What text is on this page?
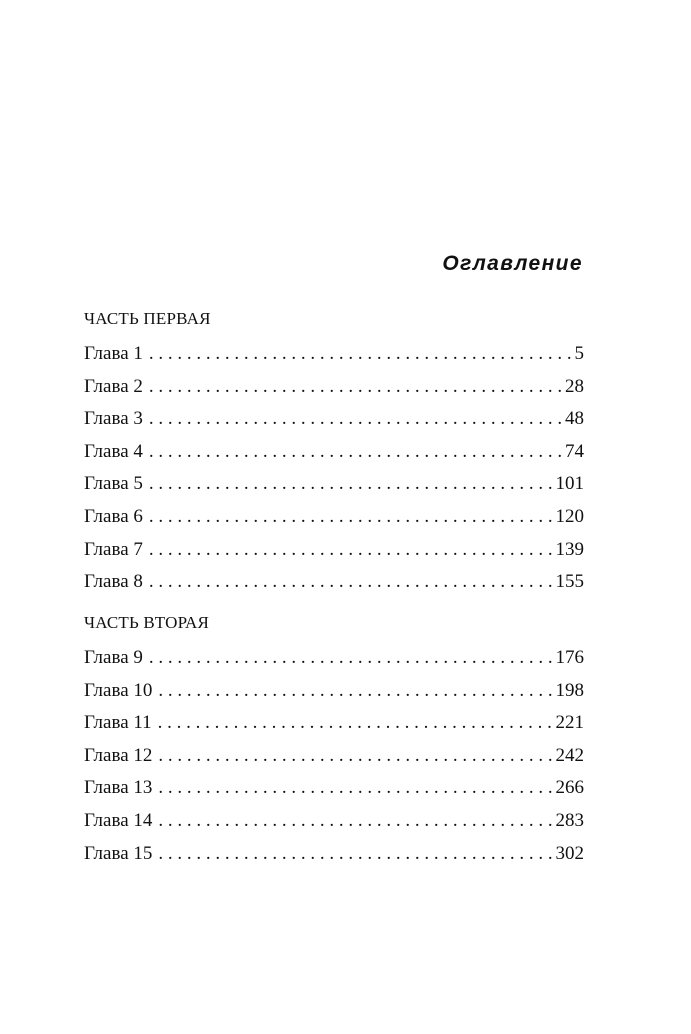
Оглавление
ЧАСТЬ ПЕРВАЯ
Глава 1 . . .	5
Глава 2 . . .	28
Глава 3 . . .	48
Глава 4 . . .	74
Глава 5 . . .	101
Глава 6 . . .	120
Глава 7 . . .	139
Глава 8 . . .	155
ЧАСТЬ ВТОРАЯ
Глава 9 . . .	176
Глава 10 . . .	198
Глава 11 . . .	221
Глава 12 . . .	242
Глава 13 . . .	266
Глава 14 . . .	283
Глава 15 . . .	302
